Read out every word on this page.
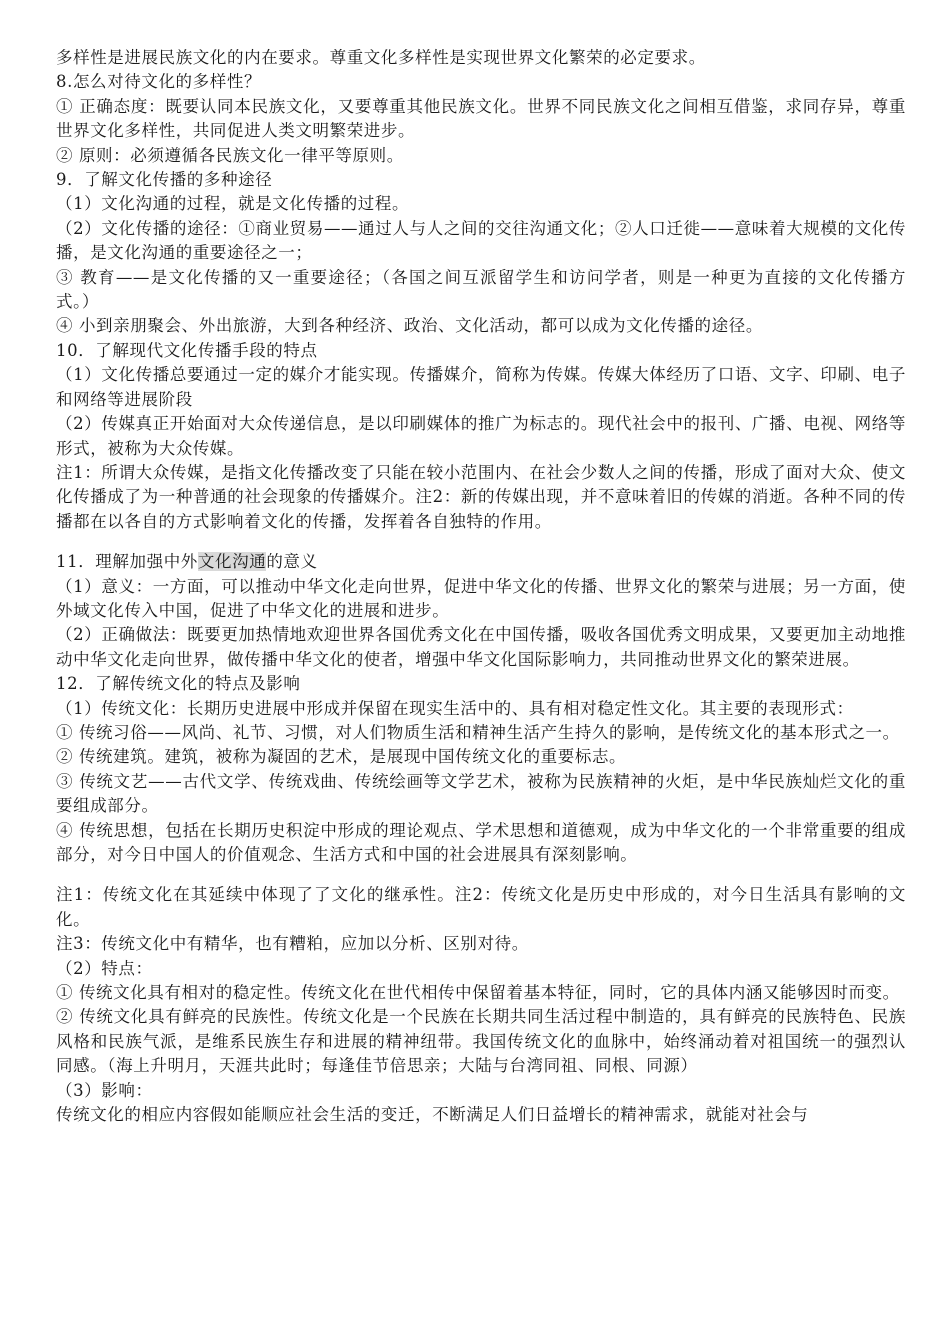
多样性是进展民族文化的内在要求。尊重文化多样性是实现世界文化繁荣的必定要求。

8.怎么对待文化的多样性？

① 正确态度：既要认同本民族文化，又要尊重其他民族文化。世界不同民族文化之间相互借鉴，求同存异，尊重世界文化多样性，共同促进人类文明繁荣进步。

② 原则：必须遵循各民族文化一律平等原则。

9．了解文化传播的多种途径

（1）文化沟通的过程，就是文化传播的过程。

（2）文化传播的途径：①商业贸易——通过人与人之间的交往沟通文化；②人口迁徙——意味着大规模的文化传播，是文化沟通的重要途径之一；

③ 教育——是文化传播的又一重要途径；（各国之间互派留学生和访问学者，则是一种更为直接的文化传播方式。）

④ 小到亲朋聚会、外出旅游，大到各种经济、政治、文化活动，都可以成为文化传播的途径。

10．了解现代文化传播手段的特点

（1）文化传播总要通过一定的媒介才能实现。传播媒介，简称为传媒。传媒大体经历了口语、文字、印刷、电子和网络等进展阶段

（2）传媒真正开始面对大众传递信息，是以印刷媒体的推广为标志的。现代社会中的报刊、广播、电视、网络等形式，被称为大众传媒。

注1：所谓大众传媒，是指文化传播改变了只能在较小范围内、在社会少数人之间的传播，形成了面对大众、使文化传播成了为一种普通的社会现象的传播媒介。注2：新的传媒出现，并不意味着旧的传媒的消逝。各种不同的传播都在以各自的方式影响着文化的传播，发挥着各自独特的作用。

11．理解加强中外文化沟通的意义

（1）意义：一方面，可以推动中华文化走向世界，促进中华文化的传播、世界文化的繁荣与进展；另一方面，使外域文化传入中国，促进了中华文化的进展和进步。

（2）正确做法：既要更加热情地欢迎世界各国优秀文化在中国传播，吸收各国优秀文明成果，又要更加主动地推动中华文化走向世界，做传播中华文化的使者，增强中华文化国际影响力，共同推动世界文化的繁荣进展。

12．了解传统文化的特点及影响

（1）传统文化：长期历史进展中形成并保留在现实生活中的、具有相对稳定性文化。其主要的表现形式：

① 传统习俗——风尚、礼节、习惯，对人们物质生活和精神生活产生持久的影响，是传统文化的基本形式之一。

② 传统建筑。建筑，被称为凝固的艺术，是展现中国传统文化的重要标志。

③ 传统文艺——古代文学、传统戏曲、传统绘画等文学艺术，被称为民族精神的火炬，是中华民族灿烂文化的重要组成部分。

④ 传统思想，包括在长期历史积淀中形成的理论观点、学术思想和道德观，成为中华文化的一个非常重要的组成部分，对今日中国人的价值观念、生活方式和中国的社会进展具有深刻影响。

注1：传统文化在其延续中体现了了文化的继承性。注2：传统文化是历史中形成的，对今日生活具有影响的文化。

注3：传统文化中有精华，也有糟粕，应加以分析、区别对待。

（2）特点：

① 传统文化具有相对的稳定性。传统文化在世代相传中保留着基本特征，同时，它的具体内涵又能够因时而变。

② 传统文化具有鲜亮的民族性。传统文化是一个民族在长期共同生活过程中制造的，具有鲜亮的民族特色、民族风格和民族气派，是维系民族生存和进展的精神纽带。我国传统文化的血脉中，始终涌动着对祖国统一的强烈认同感。（海上升明月，天涯共此时；每逢佳节倍思亲；大陆与台湾同祖、同根、同源）

（3）影响：

传统文化的相应内容假如能顺应社会生活的变迁，不断满足人们日益增长的精神需求，就能对社会与
